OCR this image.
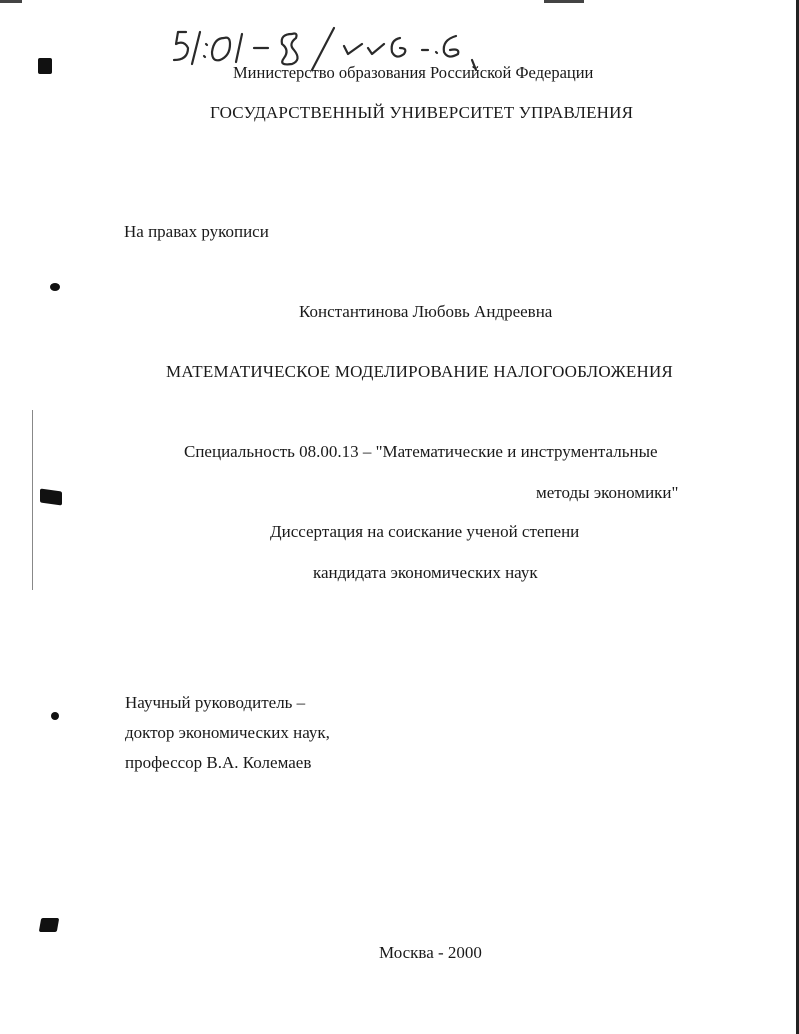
Министерство образования Российской Федерации
ГОСУДАРСТВЕННЫЙ УНИВЕРСИТЕТ УПРАВЛЕНИЯ
На правах рукописи
Константинова Любовь Андреевна
МАТЕМАТИЧЕСКОЕ МОДЕЛИРОВАНИЕ НАЛОГООБЛОЖЕНИЯ
Специальность 08.00.13 – "Математические и инструментальные
методы экономики"
Диссертация на соискание ученой степени
кандидата экономических наук
Научный руководитель –
доктор экономических наук,
профессор В.А. Колемаев
Москва - 2000
